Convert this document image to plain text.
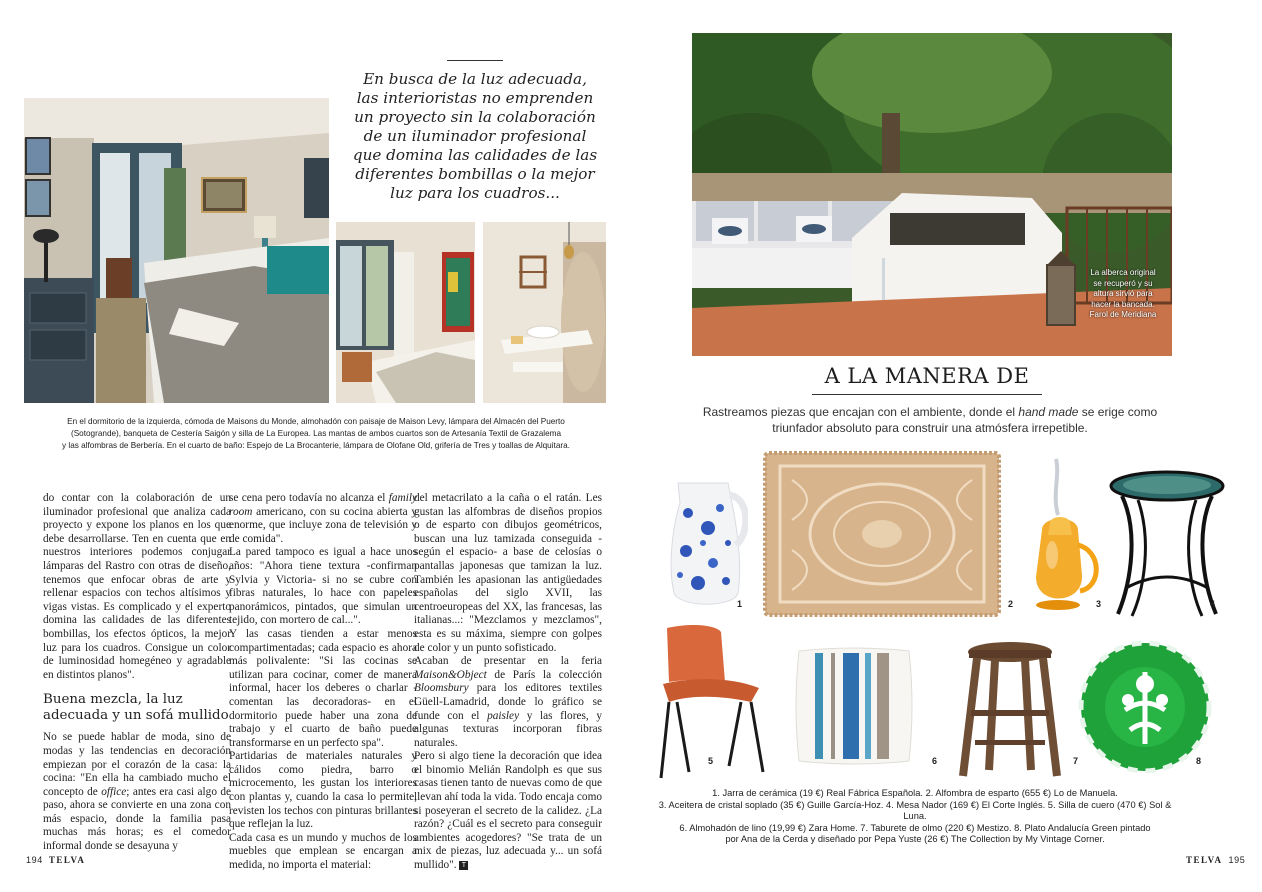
En busca de la luz adecuada, las interioristas no emprenden un proyecto sin la colaboración de un iluminador profesional que domina las calidades de las diferentes bombillas o la mejor luz para los cuadros...
En el dormitorio de la izquierda, cómoda de Maisons du Monde, almohadón con paisaje de Maison Levy, lámpara del Almacén del Puerto
(Sotogrande), banqueta de Cestería Saigón y silla de La Europea. Las mantas de ambos cuartos son de Artesanía Textil de Grazalema
y las alfombras de Berbería. En el cuarto de baño: Espejo de La Brocanterie, lámpara de Olofane Old, grifería de Tres y toallas de Alquitara.

do contar con la colaboración de un iluminador profesional que analiza cada proyecto y expone los planos en los que debe desarrollarse. Ten en cuenta que en nuestros interiores podemos conjugar lámparas del Rastro con otras de diseño, tenemos que enfocar obras de arte y rellenar espacios con techos altísimos y vigas vistas. Es complicado y el experto domina las calidades de las diferentes bombillas, los efectos ópticos, la mejor luz para los cuadros. Consigue un color de luminosidad homegéneo y agradable en distintos planos".

Buena mezcla, la luz adecuada y un sofá mullido

No se puede hablar de moda, sino de modas y las tendencias en decoración empiezan por el corazón de la casa: la cocina: "En ella ha cambiado mucho el concepto de office; antes era casi algo de paso, ahora se convierte en una zona con más espacio, donde la familia pasa muchas más horas; es el comedor informal donde se desayuna y

se cena pero todavía no alcanza el family room americano, con su cocina abierta y enorme, que incluye zona de televisión y de comida".

La pared tampoco es igual a hace unos años: "Ahora tiene textura -confirman Sylvia y Victoria- si no se cubre con fibras naturales, lo hace con papeles panorámicos, pintados, que simulan un tejido, con mortero de cal...".

Y las casas tienden a estar menos compartimentadas; cada espacio es ahora más polivalente: "Si las cocinas se utilizan para cocinar, comer de manera informal, hacer los deberes o charlar -comentan las decoradoras- en el dormitorio puede haber una zona de trabajo y el cuarto de baño puede transformarse en un perfecto spa".

Partidarias de materiales naturales y cálidos como piedra, barro o microcemento, les gustan los interiores con plantas y, cuando la casa lo permite, revisten los techos con pinturas brillantes que reflejan la luz.

Cada casa es un mundo y muchos de los muebles que emplean se encargan a medida, no importa el material:

del metacrilato a la caña o el ratán. Les gustan las alfombras de diseños propios o de esparto con dibujos geométricos, buscan una luz tamizada conseguida -según el espacio- a base de celosías o pantallas japonesas que tamizan la luz. También les apasionan las antigüedades españolas del siglo XVII, las centroeuropeas del XX, las francesas, las italianas...: "Mezclamos y mezclamos", esta es su máxima, siempre con golpes de color y un punto sofisticado.

Acaban de presentar en la feria Maison&Object de París la colección Bloomsbury para los editores textiles Güell-Lamadrid, donde lo gráfico se funde con el paisley y las flores, y algunas texturas incorporan fibras naturales.

Pero si algo tiene la decoración que idea el binomio Melián Randolph es que sus casas tienen tanto de nuevas como de que llevan ahí toda la vida. Todo encaja como si poseyeran el secreto de la calidez. ¿La razón? ¿Cuál es el secreto para conseguir ambientes acogedores? "Se trata de un mix de piezas, luz adecuada y... un sofá mullido". T

194 TELVA
La alberca original se recuperó y su altura sirvió para hacer la bancada. Farol de Meridiana
A LA MANERA DE
Rastreamos piezas que encajan con el ambiente, donde el hand made se erige como triunfador absoluto para construir una atmósfera irrepetible.
1	2	3	4
5	6	7	8
1. Jarra de cerámica (19 €) Real Fábrica Española. 2. Alfombra de esparto (655 €) Lo de Manuela.
3. Aceitera de cristal soplado (35 €) Guille García-Hoz. 4. Mesa Nador (169 €) El Corte Inglés. 5. Silla de cuero (470 €) Sol & Luna.
6. Almohadón de lino (19,99 €) Zara Home. 7. Taburete de olmo (220 €) Mestizo. 8. Plato Andalucía Green pintado
por Ana de la Cerda y diseñado por Pepa Yuste (26 €) The Collection by My Vintage Corner.
TELVA 195
